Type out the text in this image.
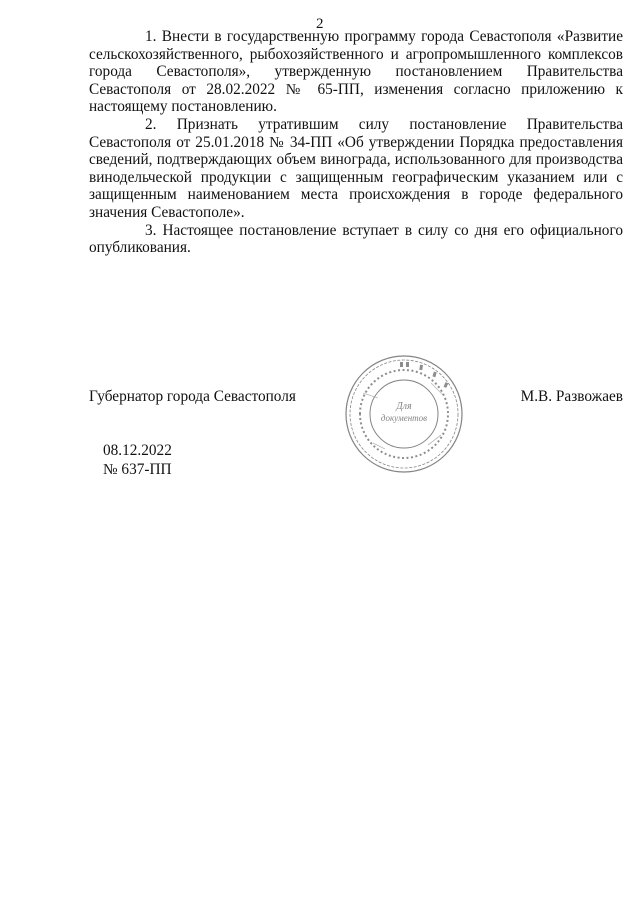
2

1. Внести в государственную программу города Севастополя «Развитие сельскохозяйственного, рыбохозяйственного и агропромышленного комплексов города Севастополя», утвержденную постановлением Правительства Севастополя от 28.02.2022 № 65-ПП, изменения согласно приложению к настоящему постановлению.

2. Признать утратившим силу постановление Правительства Севастополя от 25.01.2018 № 34-ПП «Об утверждении Порядка предоставления сведений, подтверждающих объем винограда, использованного для производства винодельческой продукции с защищенным географическим указанием или с защищенным наименованием места происхождения в городе федерального значения Севастополе».

3. Настоящее постановление вступает в силу со дня его официального опубликования.

Губернатор города Севастополя	М.В. Развожаев
Для
документов
08.12.2022
№ 637-ПП
